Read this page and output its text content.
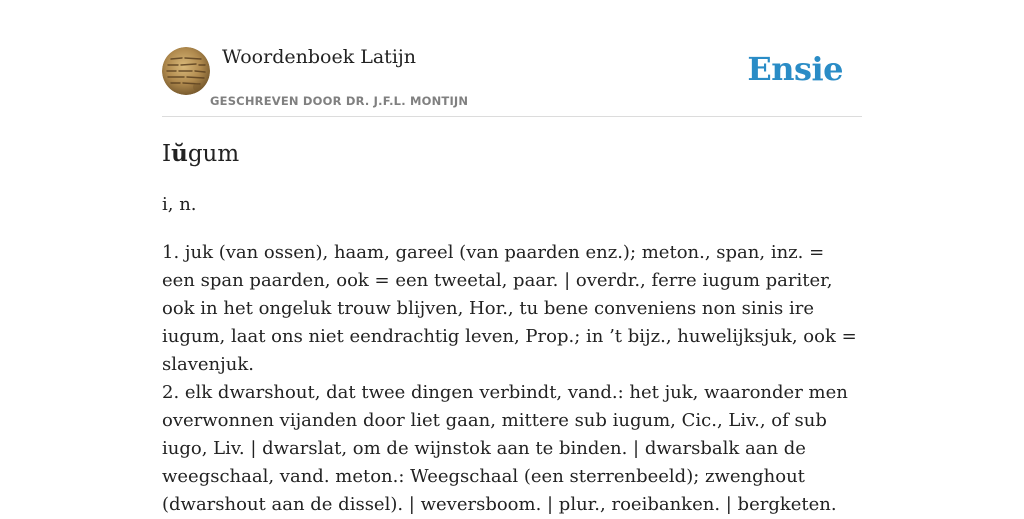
Woordenboek Latijn
GESCHREVEN DOOR DR. J.F.L. MONTIJN
Ensie
Iŭgum
i, n.
1. juk (van ossen), haam, gareel (van paarden enz.); meton., span, inz. = een span paarden, ook = een tweetal, paar. | overdr., ferre iugum pariter, ook in het ongeluk trouw blijven, Hor., tu bene conveniens non sinis ire iugum, laat ons niet eendrachtig leven, Prop.; in ’t bijz., huwelijksjuk, ook = slavenjuk.
2. elk dwarshout, dat twee dingen verbindt, vand.: het juk, waaronder men overwonnen vijanden door liet gaan, mittere sub iugum, Cic., Liv., of sub iugo, Liv. | dwarslat, om de wijnstok aan te binden. | dwarsbalk aan de weegschaal, vand. meton.: Weegschaal (een sterrenbeeld); zwenghout (dwarshout aan de dissel). | weversboom. | plur., roeibanken. | bergketen.
